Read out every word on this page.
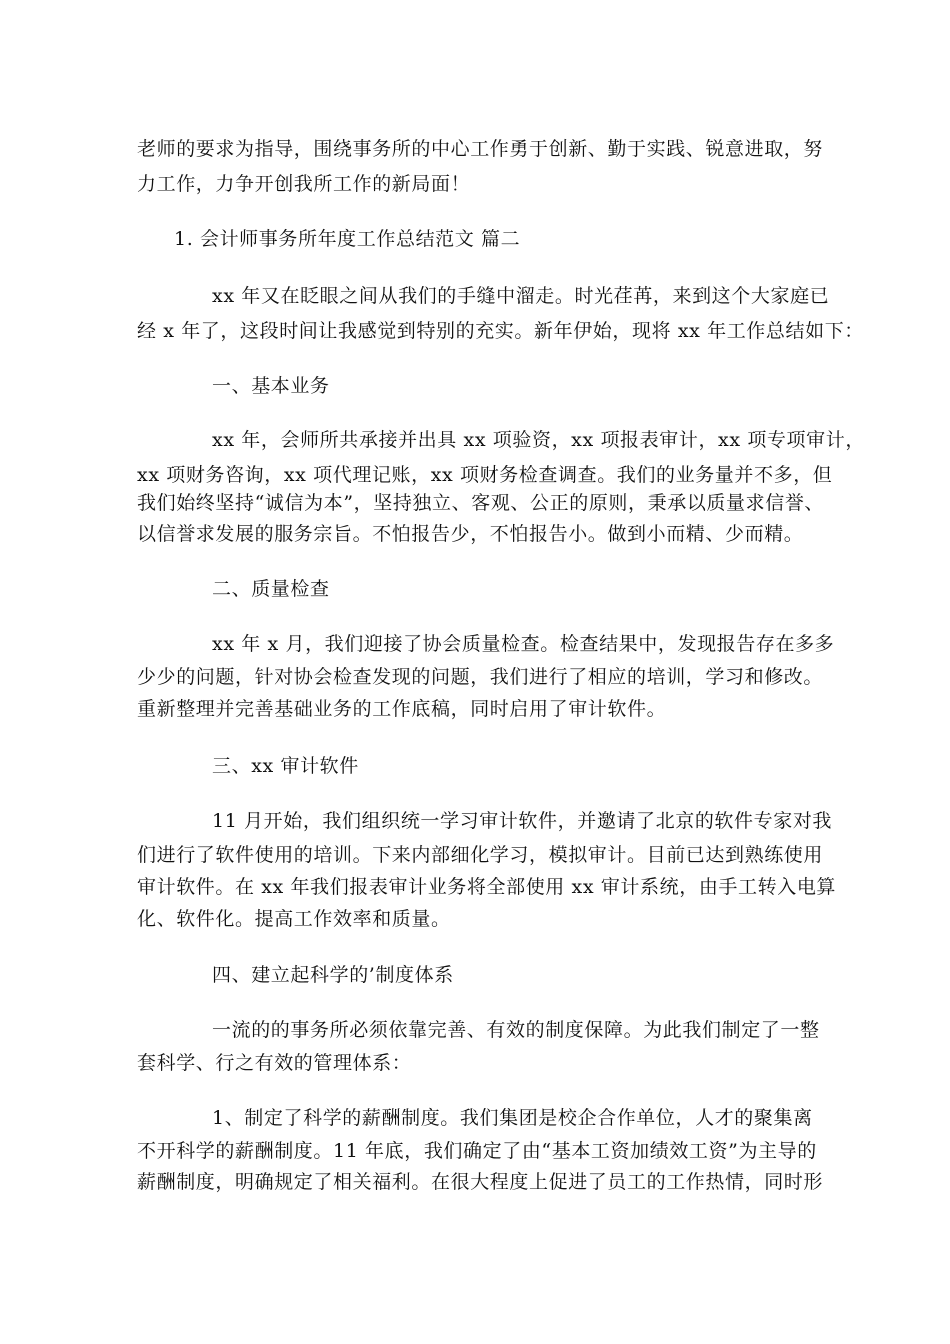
老师的要求为指导，围绕事务所的中心工作勇于创新、勤于实践、锐意进取，努
力工作，力争开创我所工作的新局面！
1. 会计师事务所年度工作总结范文 篇二
xx 年又在眨眼之间从我们的手缝中溜走。时光荏苒，来到这个大家庭已
经 x 年了，这段时间让我感觉到特别的充实。新年伊始，现将 xx 年工作总结如下：
一、基本业务
xx 年，会师所共承接并出具 xx 项验资，xx 项报表审计，xx 项专项审计，
xx 项财务咨询，xx 项代理记账，xx 项财务检查调查。我们的业务量并不多，但
我们始终坚持“诚信为本”，坚持独立、客观、公正的原则，秉承以质量求信誉、
以信誉求发展的服务宗旨。不怕报告少，不怕报告小。做到小而精、少而精。
二、质量检查
xx 年 x 月，我们迎接了协会质量检查。检查结果中，发现报告存在多多
少少的问题，针对协会检查发现的问题，我们进行了相应的培训，学习和修改。
重新整理并完善基础业务的工作底稿，同时启用了审计软件。
三、xx 审计软件
11 月开始，我们组织统一学习审计软件，并邀请了北京的软件专家对我
们进行了软件使用的培训。下来内部细化学习，模拟审计。目前已达到熟练使用
审计软件。在 xx 年我们报表审计业务将全部使用 xx 审计系统，由手工转入电算
化、软件化。提高工作效率和质量。
四、建立起科学的’制度体系
一流的的事务所必须依靠完善、有效的制度保障。为此我们制定了一整
套科学、行之有效的管理体系：
1、制定了科学的薪酬制度。我们集团是校企合作单位，人才的聚集离
不开科学的薪酬制度。11 年底，我们确定了由“基本工资加绩效工资”为主导的
薪酬制度，明确规定了相关福利。在很大程度上促进了员工的工作热情，同时形
